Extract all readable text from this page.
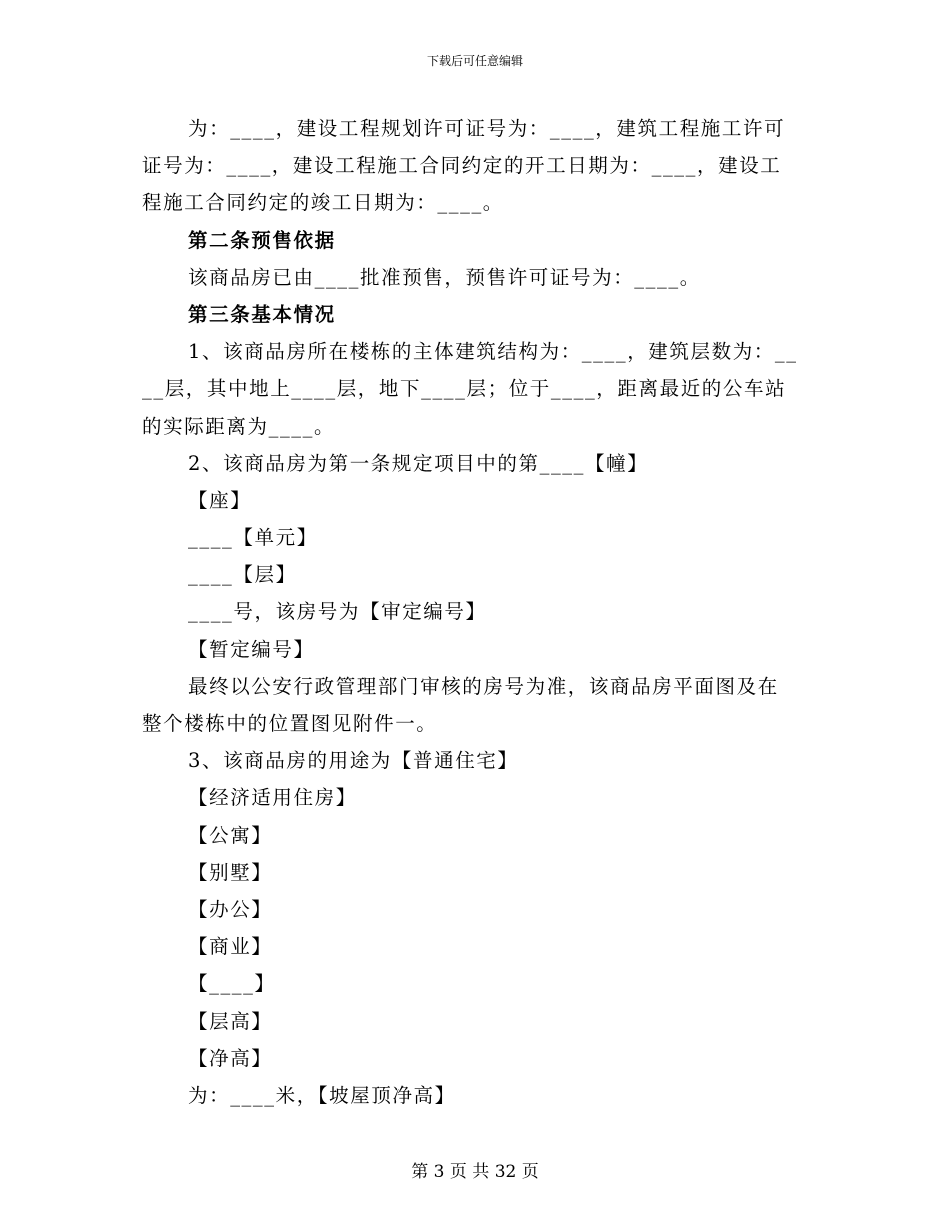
下载后可任意编辑
为：____，建设工程规划许可证号为：____，建筑工程施工许可
证号为：____，建设工程施工合同约定的开工日期为：____，建设工
程施工合同约定的竣工日期为：____。
第二条预售依据
该商品房已由____批准预售，预售许可证号为：____。
第三条基本情况
1、该商品房所在楼栋的主体建筑结构为：____，建筑层数为：__
__层，其中地上____层，地下____层；位于____，距离最近的公车站
的实际距离为____。
2、该商品房为第一条规定项目中的第____【幢】
【座】
____【单元】
____【层】
____号，该房号为【审定编号】
【暂定编号】
最终以公安行政管理部门审核的房号为准，该商品房平面图及在
整个楼栋中的位置图见附件一。
3、该商品房的用途为【普通住宅】
【经济适用住房】
【公寓】
【别墅】
【办公】
【商业】
【____】
【层高】
【净高】
为：____米，【坡屋顶净高】
第 3 页 共 32 页
